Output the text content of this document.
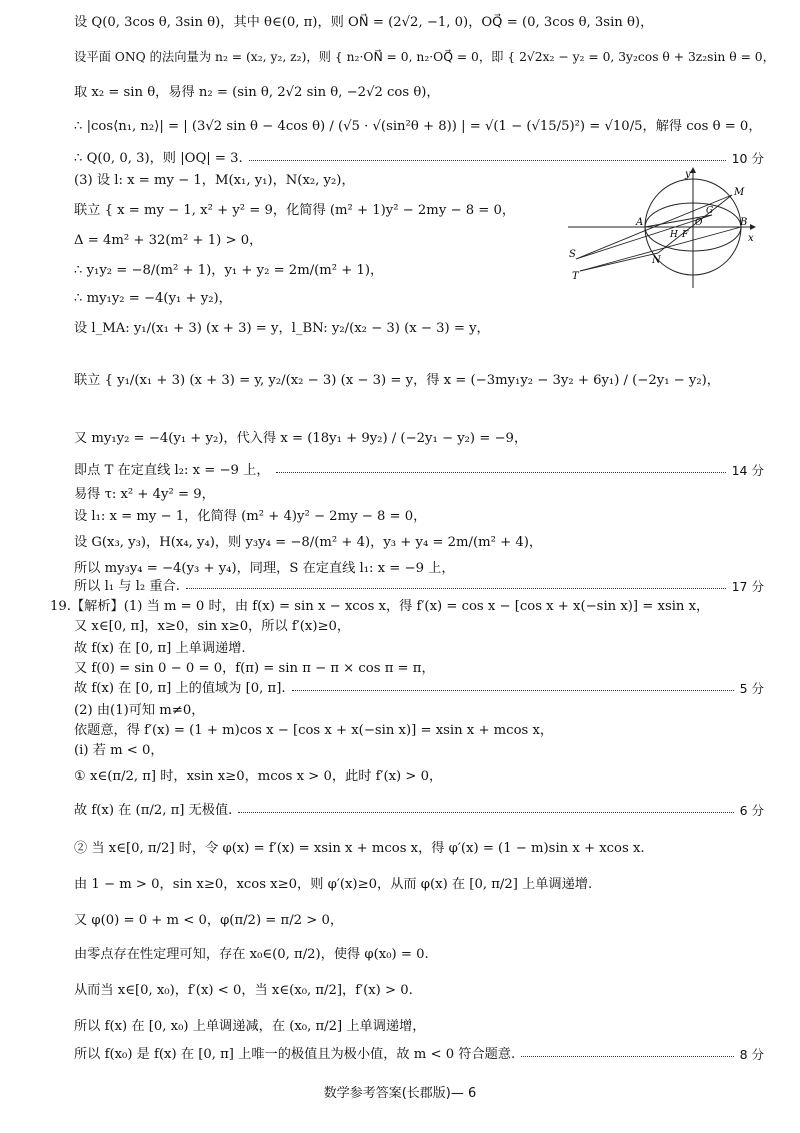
设 Q(0, 3cos θ, 3sin θ)，其中 θ∈(0, π)，则 ON⃗ = (2√2, −1, 0)，OQ⃗ = (0, 3cos θ, 3sin θ)，
设平面 ONQ 的法向量为 n₂ = (x₂, y₂, z₂)，则 { n₂·ON⃗ = 0, n₂·OQ⃗ = 0，即 { 2√2x₂ − y₂ = 0, 3y₂cos θ + 3z₂sin θ = 0，
取 x₂ = sin θ，易得 n₂ = (sin θ, 2√2 sin θ, −2√2 cos θ)，
∴ |cos⟨n₁, n₂⟩| = | (3√2 sin θ − 4cos θ) / (√5 · √(sin²θ + 8)) | = √(1 − (√15/5)²) = √10/5，解得 cos θ = 0，
∴ Q(0, 0, 3)，则 |OQ| = 3.	10 分
(3) 设 l: x = my − 1，M(x₁, y₁)，N(x₂, y₂)，
联立 { x = my − 1, x² + y² = 9，化简得 (m² + 1)y² − 2my − 8 = 0，
Δ = 4m² + 32(m² + 1) > 0，
∴ y₁y₂ = −8/(m² + 1)，y₁ + y₂ = 2m/(m² + 1)，
∴ my₁y₂ = −4(y₁ + y₂)，
设 l_MA: y₁/(x₁ + 3) (x + 3) = y，l_BN: y₂/(x₂ − 3) (x − 3) = y，
联立 { y₁/(x₁ + 3) (x + 3) = y, y₂/(x₂ − 3) (x − 3) = y，得 x = (−3my₁y₂ − 3y₂ + 6y₁) / (−2y₁ − y₂)，
又 my₁y₂ = −4(y₁ + y₂)，代入得 x = (18y₁ + 9y₂) / (−2y₁ − y₂) = −9，
即点 T 在定直线 l₂: x = −9 上，	14 分
易得 τ: x² + 4y² = 9，
设 l₁: x = my − 1，化简得 (m² + 4)y² − 2my − 8 = 0，
设 G(x₃, y₃)，H(x₄, y₄)，则 y₃y₄ = −8/(m² + 4)，y₃ + y₄ = 2m/(m² + 4)，
所以 my₃y₄ = −4(y₃ + y₄)，同理，S 在定直线 l₁: x = −9 上，
所以 l₁ 与 l₂ 重合.	17 分
19.【解析】(1) 当 m = 0 时，由 f(x) = sin x − xcos x，得 f′(x) = cos x − [cos x + x(−sin x)] = xsin x，
又 x∈[0, π]，x≥0，sin x≥0，所以 f′(x)≥0，
故 f(x) 在 [0, π] 上单调递增.
又 f(0) = sin 0 − 0 = 0，f(π) = sin π − π × cos π = π，
故 f(x) 在 [0, π] 上的值域为 [0, π].	5 分
(2) 由(1)可知 m≠0，
依题意，得 f′(x) = (1 + m)cos x − [cos x + x(−sin x)] = xsin x + mcos x，
(i) 若 m < 0，
① x∈(π/2, π] 时，xsin x≥0，mcos x > 0，此时 f′(x) > 0，
故 f(x) 在 (π/2, π] 无极值.	6 分
② 当 x∈[0, π/2] 时，令 φ(x) = f′(x) = xsin x + mcos x，得 φ′(x) = (1 − m)sin x + xcos x.
由 1 − m > 0，sin x≥0，xcos x≥0，则 φ′(x)≥0，从而 φ(x) 在 [0, π/2] 上单调递增.
又 φ(0) = 0 + m < 0，φ(π/2) = π/2 > 0，
由零点存在性定理可知，存在 x₀∈(0, π/2)，使得 φ(x₀) = 0.
从而当 x∈[0, x₀)，f′(x) < 0，当 x∈(x₀, π/2]，f′(x) > 0.
所以 f(x) 在 [0, x₀) 上单调递减，在 (x₀, π/2] 上单调递增，
所以 f(x₀) 是 f(x) 在 [0, π] 上唯一的极值且为极小值，故 m < 0 符合题意.	8 分
y
x
M
A
G
O
H F
B
N
S
T
数学参考答案(长郡版)— 6
